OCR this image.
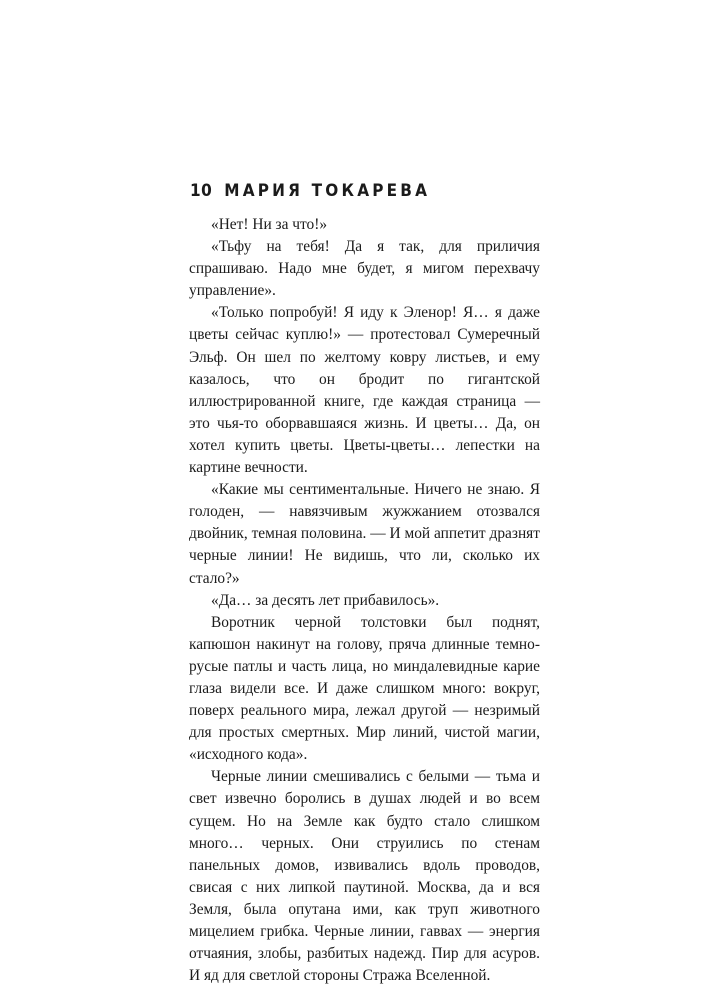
10 МАРИЯ ТОКАРЕВА

«Нет! Ни за что!»

«Тьфу на тебя! Да я так, для приличия спрашиваю. Надо мне будет, я мигом перехвачу управление».

«Только попробуй! Я иду к Эленор! Я… я даже цветы сейчас куплю!» — протестовал Сумеречный Эльф. Он шел по желтому ковру листьев, и ему казалось, что он бродит по гигантской иллюстрированной книге, где каждая страница — это чья-то оборвавшаяся жизнь. И цветы… Да, он хотел купить цветы. Цветы-цветы… лепестки на картине вечности.

«Какие мы сентиментальные. Ничего не знаю. Я голоден, — навязчивым жужжанием отозвался двойник, темная половина. — И мой аппетит дразнят черные линии! Не видишь, что ли, сколько их стало?»

«Да… за десять лет прибавилось».

Воротник черной толстовки был поднят, капюшон накинут на голову, пряча длинные темно-русые патлы и часть лица, но миндалевидные карие глаза видели все. И даже слишком много: вокруг, поверх реального мира, лежал другой — незримый для простых смертных. Мир линий, чистой магии, «исходного кода».

Черные линии смешивались с белыми — тьма и свет извечно боролись в душах людей и во всем сущем. Но на Земле как будто стало слишком много… черных. Они струились по стенам панельных домов, извивались вдоль проводов, свисая с них липкой паутиной. Москва, да и вся Земля, была опутана ими, как труп животного мицелием грибка. Черные линии, гаввах — энергия отчаяния, злобы, разбитых надежд. Пир для асуров. И яд для светлой стороны Стража Вселенной.
